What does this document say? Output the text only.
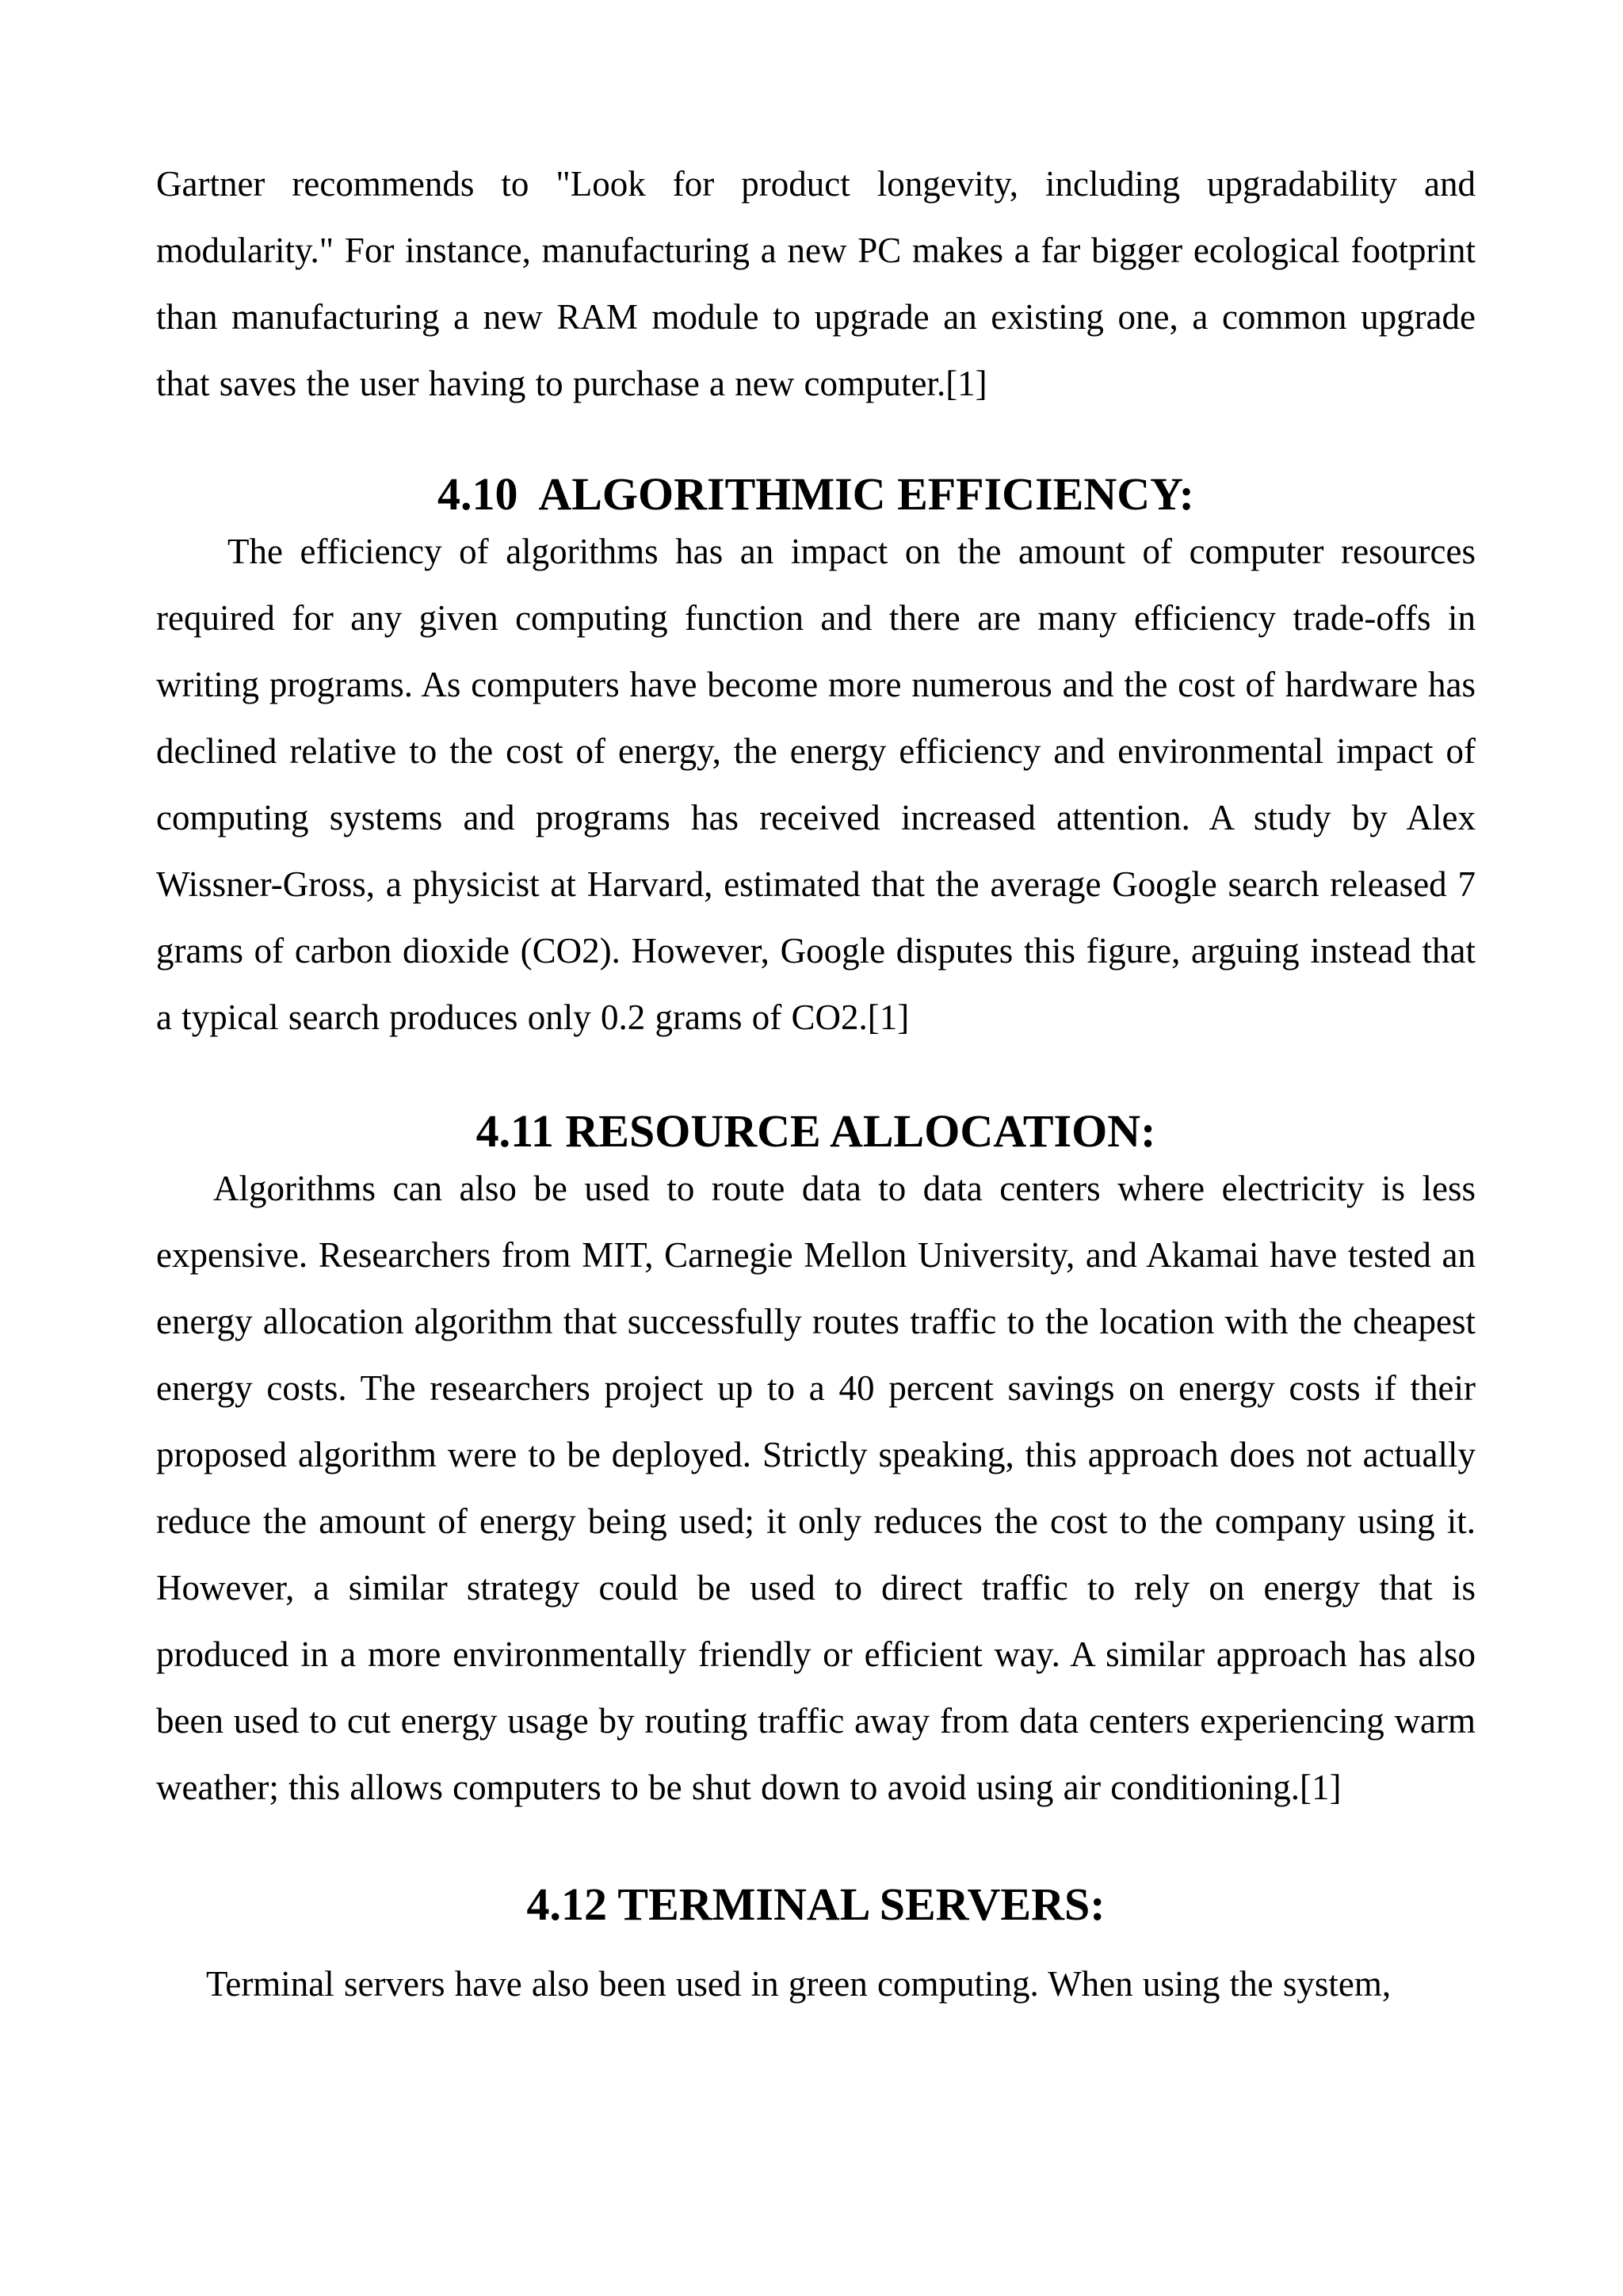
Gartner recommends to "Look for product longevity, including upgradability and modularity." For instance, manufacturing a new PC makes a far bigger ecological footprint than manufacturing a new RAM module to upgrade an existing one, a common upgrade that saves the user having to purchase a new computer.[1]

4.10  ALGORITHMIC EFFICIENCY:

The efficiency of algorithms has an impact on the amount of computer resources required for any given computing function and there are many efficiency trade-offs in writing programs. As computers have become more numerous and the cost of hardware has declined relative to the cost of energy, the energy efficiency and environmental impact of computing systems and programs has received increased attention. A study by Alex Wissner-Gross, a physicist at Harvard, estimated that the average Google search released 7 grams of carbon dioxide (CO2). However, Google disputes this figure, arguing instead that a typical search produces only 0.2 grams of CO2.[1]

4.11 RESOURCE ALLOCATION:

Algorithms can also be used to route data to data centers where electricity is less expensive. Researchers from MIT, Carnegie Mellon University, and Akamai have tested an energy allocation algorithm that successfully routes traffic to the location with the cheapest energy costs. The researchers project up to a 40 percent savings on energy costs if their proposed algorithm were to be deployed. Strictly speaking, this approach does not actually reduce the amount of energy being used; it only reduces the cost to the company using it. However, a similar strategy could be used to direct traffic to rely on energy that is produced in a more environmentally friendly or efficient way. A similar approach has also been used to cut energy usage by routing traffic away from data centers experiencing warm weather; this allows computers to be shut down to avoid using air conditioning.[1]

4.12 TERMINAL SERVERS:

Terminal servers have also been used in green computing. When using the system,
